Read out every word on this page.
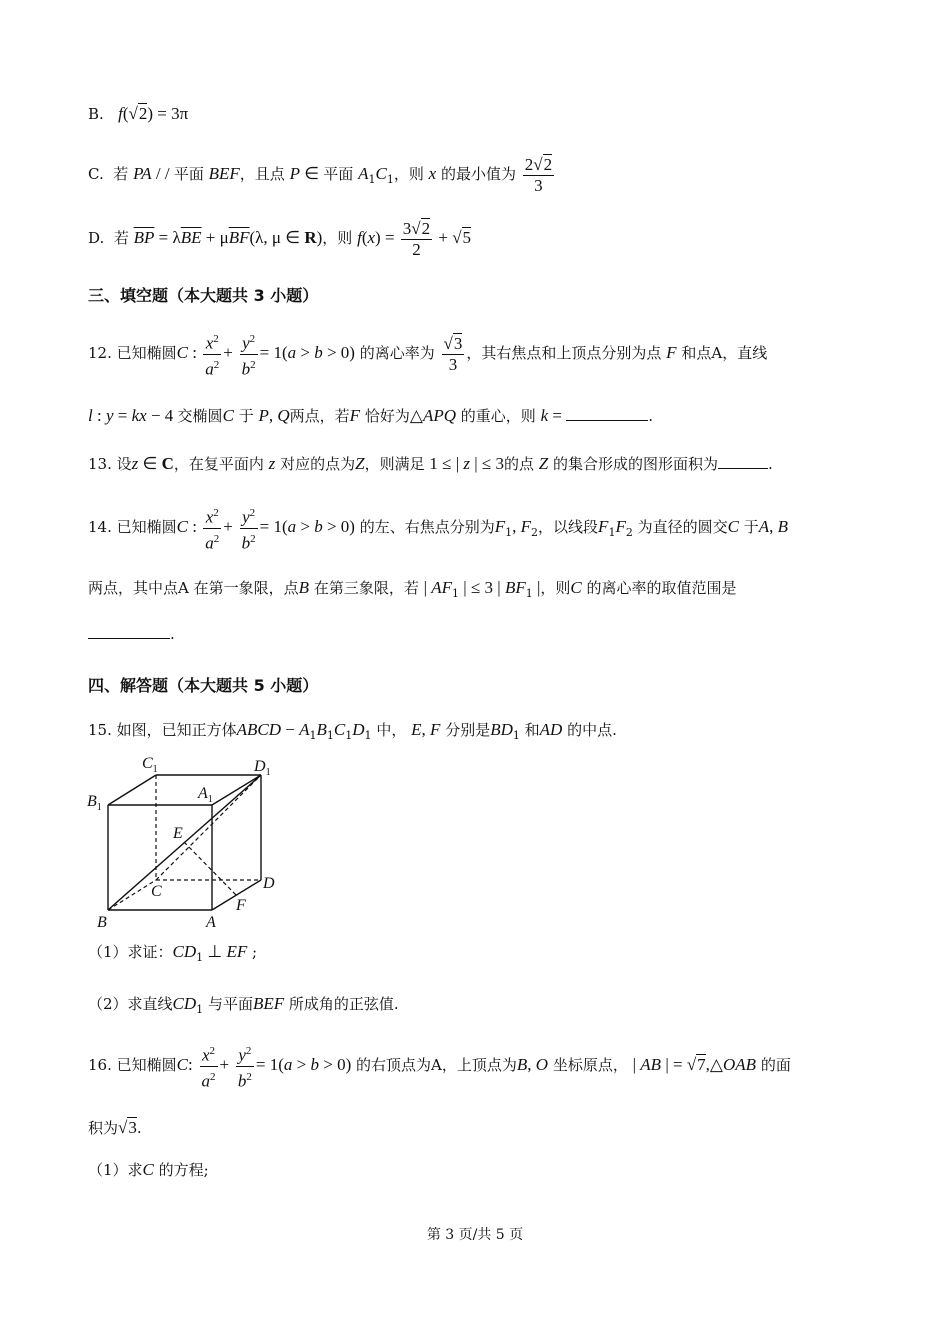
B. f(√2) = 3π
C. 若 PA / / 平面 BEF，且点 P ∈ 平面 $A_1C_1$，则 x 的最小值为 $\frac{2√2}{3}$
D. 若 $\overline{BP} = \lambda\overline{BE} + \mu\overline{BF}(\lambda$, μ ∈ R)，则 $f(x) = \frac{3√2}{2} + √5$
三、填空题（本大题共 3 小题）
12. 已知椭圆C : $\frac{x^2}{a^2} + \frac{y^2}{b^2} = 1(a > b > 0)$ 的离心率为 $\frac{√3}{3}$ ，其右焦点和上顶点分别为点 F 和点A，直线
l : y = kx − 4 交椭圆C 于 P, Q两点，若F 恰好为△APQ 的重心，则 k =	.
13. 设z ∈ C，在复平面内 z 对应的点为Z，则满足 1 ≤ | z | ≤ 3的点 Z 的集合形成的图形面积为	.
14. 已知椭圆C : $\frac{x^2}{a^2} + \frac{y^2}{b^2} = 1(a > b > 0)$ 的左、右焦点分别为$F_1$, $F_2$，以线段$F_1F_2$ 为直径的圆交C 于A, B
两点，其中点A 在第一象限，点B 在第三象限，若 | $AF_1$ | ≤ 3 | $BF_1$ |，则C 的离心率的取值范围是
.
四、解答题（本大题共 5 小题）
15. 如图，已知正方体ABCD − $A_1B_1C_1D_1$ 中， E, F 分别是$BD_1$ 和AD 的中点.
$C_1$	$D_1$
$B_1$
$A_1$
E
C	D
B	A
F
（1）求证：$CD_1$ ⊥ EF ;
（2）求直线$CD_1$ 与平面BEF 所成角的正弦值.
16. 已知椭圆C: $\frac{x^2}{a^2} + \frac{y^2}{b^2} = 1(a > b > 0)$ 的右顶点为A，上顶点为B, O 坐标原点， | AB | = √7,△OAB 的面
积为√3.
（1）求C 的方程;
第 3 页/共 5 页
